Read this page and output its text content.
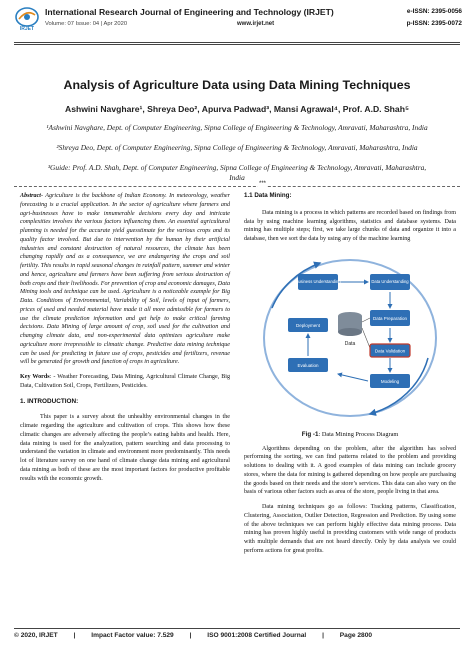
IRJET
International Research Journal of Engineering and Technology (IRJET)
Volume: 07 Issue: 04 | Apr 2020	www.irjet.net
e-ISSN: 2395-0056
p-ISSN: 2395-0072
Analysis of Agriculture Data using Data Mining Techniques
Ashwini Navghare¹, Shreya Deo², Apurva Padwad³, Mansi Agrawal⁴, Prof. A.D. Shah⁵
¹Ashwini Navghare, Dept. of Computer Engineering, Sipna College of Engineering & Technology, Amravati, Maharashtra, India
²Shreya Deo, Dept. of Computer Engineering, Sipna College of Engineering & Technology, Amravati, Maharashtra, India
³Guide: Prof. A.D. Shah, Dept. of Computer Engineering, Sipna College of Engineering & Technology, Amravati, Maharashtra, India
***

Abstract- Agriculture is the backbone of Indian Economy. In meteorology, weather forecasting is a crucial application. In the sector of agriculture where farmers and agri-businesses have to make innumerable decisions every day and intricate complexities involves the various factors influencing them. An essential agricultural planning is needed for the accurate yield guesstimate for the various crops and its quality factor involved. But due to intervention by the human by their artificial industries and constant destruction of natural resources, the climate has been changing rapidly and as a consequence, we are endangering the crops and soil fertility. This results in rapid seasonal changes in rainfall pattern, summer and winter and hence, agriculture and farmers have been suffering from serious destruction of both crops and their livelihoods. For prevention of crop and economic damages, Data Mining tools and technique can be used. Agriculture is a noticeable example for Big Data. Conditions of Environmental, Variability of Soil, levels of input of farmers, prices of used and needed material have made it all more admissible for farmers to use the climate prediction information and get help to make critical farming decisions. Data Mining of large amount of crop, soil used for the cultivation and changing climate data, and non-experimental data optimizes agriculture make agriculture more irrepressible to climatic change. Predictive data mining technique can be used for predicting in future use of crops, pesticides and fertilizers, revenue will be generated for growth and function of crops in agriculture.

Key Words: - Weather Forecasting, Data Mining, Agricultural Climate Change, Big Data, Cultivation Soil, Crops, Fertilizers, Pesticides.

1. INTRODUCTION:

This paper is a survey about the unhealthy environmental changes in the climate regarding the agriculture and cultivation of crops. This shows how these climatic changes are adversely affecting the people’s eating habits and health. Here, data mining is used for the analyzation, pattern searching and data processing to understand the variation in climate and environment more predominantly. This needs lot of literature survey on one hand of climate change data mining and agricultural data mining as both of these are the most important factors for productive profitable results with the economic growth.

1.1 Data Mining:

Data mining is a process in which patterns are recorded based on findings from data by using machine learning algorithms, statistics and database systems. Data mining has multiple steps; first, we take large chunks of data and organize it into a database, then we sort the data by using any of the machine learning

Data
Business Understanding	Data Understanding
Data Preparation
Data Validation
Modeling
Evaluation
Deployment
Fig -1: Data Mining Process Diagram

Algorithms depending on the problem, after the algorithm has solved performing the sorting, we can find patterns related to the problem and providing solutions to dealing with it. A good examples of data mining can include grocery stores, where the data for mining is gathered depending on how people are purchasing the goods based on their needs and the store’s services. This data can also vary on the basis of various other factors such as area of the store, people living in that area.

Data mining techniques go as follows: Tracking patterns, Classification, Clustering, Association, Outlier Detection, Regression and Prediction. By using some of the above techniques we can perform highly effective data mining process. Data mining has proven highly useful in providing customers with wide range of products with multiple demands that are not heard directly. Only by data analysis we could perform actions for great profits.

© 2020, IRJET | Impact Factor value: 7.529 | ISO 9001:2008 Certified Journal | Page 2800
